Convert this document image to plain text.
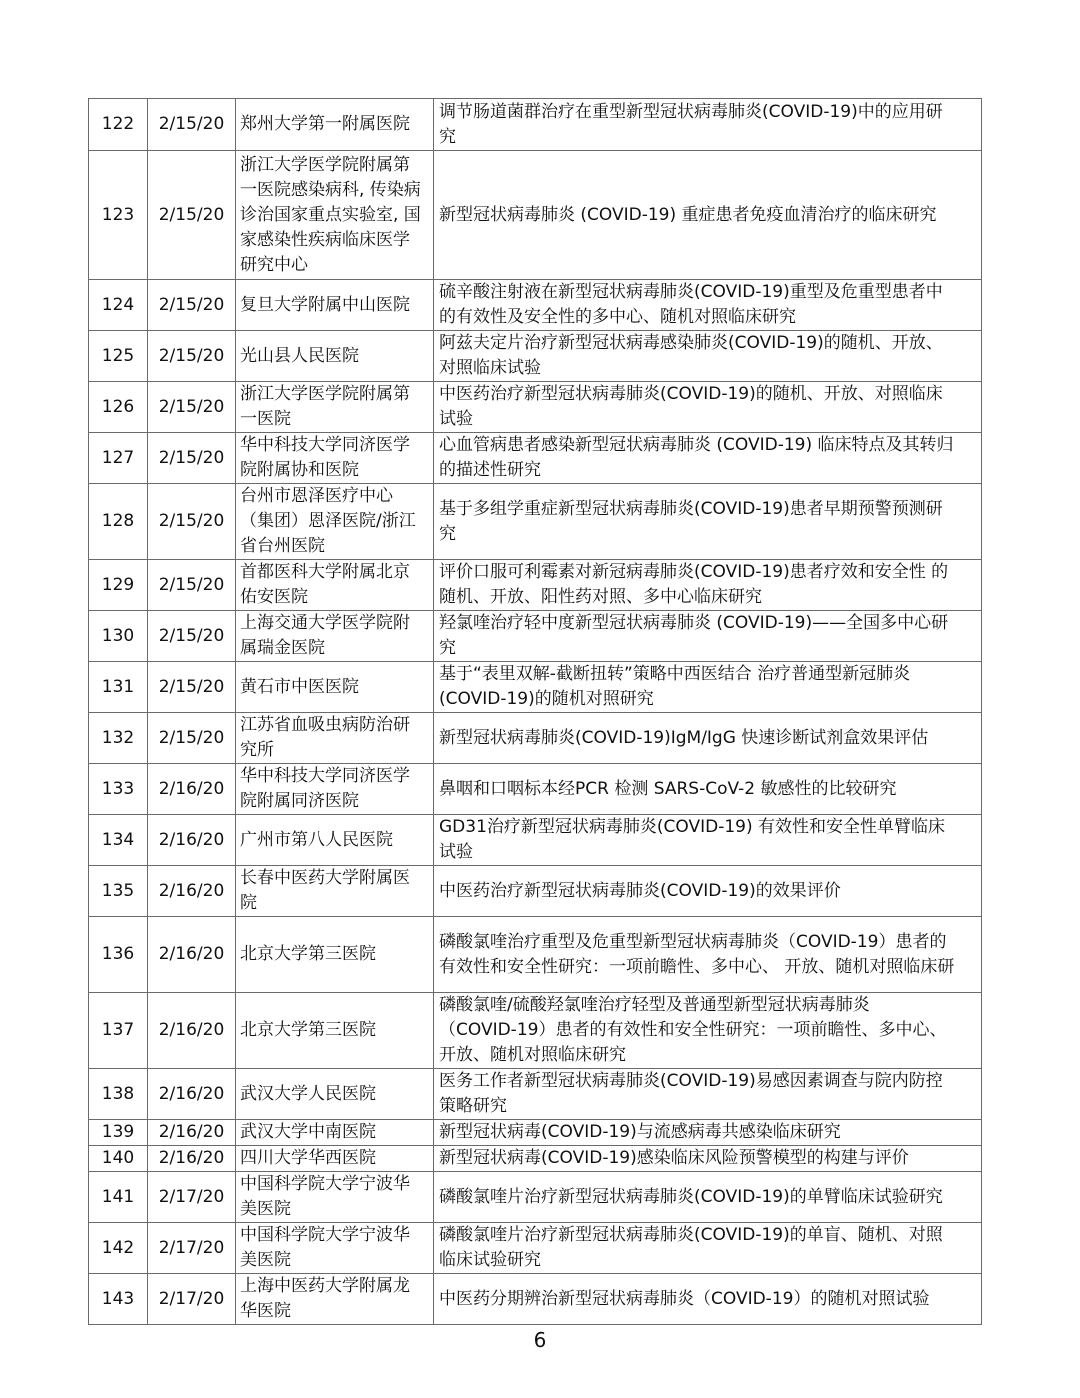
122	2/15/20	郑州大学第一附属医院	调节肠道菌群治疗在重型新型冠状病毒肺炎(COVID-19)中的应用研
究

123	2/15/20	浙江大学医学院附属第
一医院感染病科, 传染病
诊治国家重点实验室, 国
家感染性疾病临床医学
研究中心	新型冠状病毒肺炎 (COVID-19) 重症患者免疫血清治疗的临床研究

124	2/15/20	复旦大学附属中山医院	硫辛酸注射液在新型冠状病毒肺炎(COVID-19)重型及危重型患者中
的有效性及安全性的多中心、随机对照临床研究

125	2/15/20	光山县人民医院	阿兹夫定片治疗新型冠状病毒感染肺炎(COVID-19)的随机、开放、
对照临床试验

126	2/15/20	浙江大学医学院附属第
一医院	中医药治疗新型冠状病毒肺炎(COVID-19)的随机、开放、对照临床
试验

127	2/15/20	华中科技大学同济医学
院附属协和医院	心血管病患者感染新型冠状病毒肺炎 (COVID-19) 临床特点及其转归
的描述性研究

128	2/15/20	台州市恩泽医疗中心
（集团）恩泽医院/浙江
省台州医院	基于多组学重症新型冠状病毒肺炎(COVID-19)患者早期预警预测研
究

129	2/15/20	首都医科大学附属北京
佑安医院	评价口服可利霉素对新冠病毒肺炎(COVID-19)患者疗效和安全性 的
随机、开放、阳性药对照、多中心临床研究

130	2/15/20	上海交通大学医学院附
属瑞金医院	羟氯喹治疗轻中度新型冠状病毒肺炎 (COVID-19)——全国多中心研
究

131	2/15/20	黄石市中医医院	基于“表里双解-截断扭转”策略中西医结合 治疗普通型新冠肺炎
(COVID-19)的随机对照研究

132	2/15/20	江苏省血吸虫病防治研
究所	新型冠状病毒肺炎(COVID-19)IgM/IgG 快速诊断试剂盒效果评估

133	2/16/20	华中科技大学同济医学
院附属同济医院	鼻咽和口咽标本经PCR 检测 SARS-CoV-2 敏感性的比较研究

134	2/16/20	广州市第八人民医院	GD31治疗新型冠状病毒肺炎(COVID-19) 有效性和安全性单臂临床
试验

135	2/16/20	长春中医药大学附属医
院	中医药治疗新型冠状病毒肺炎(COVID-19)的效果评价

136	2/16/20	北京大学第三医院	磷酸氯喹治疗重型及危重型新型冠状病毒肺炎（COVID-19）患者的
有效性和安全性研究：一项前瞻性、多中心、 开放、随机对照临床研

137	2/16/20	北京大学第三医院	磷酸氯喹/硫酸羟氯喹治疗轻型及普通型新型冠状病毒肺炎
（COVID-19）患者的有效性和安全性研究：一项前瞻性、多中心、
开放、随机对照临床研究

138	2/16/20	武汉大学人民医院	医务工作者新型冠状病毒肺炎(COVID-19)易感因素调查与院内防控
策略研究

139	2/16/20	武汉大学中南医院	新型冠状病毒(COVID-19)与流感病毒共感染临床研究

140	2/16/20	四川大学华西医院	新型冠状病毒(COVID-19)感染临床风险预警模型的构建与评价

141	2/17/20	中国科学院大学宁波华
美医院	磷酸氯喹片治疗新型冠状病毒肺炎(COVID-19)的单臂临床试验研究

142	2/17/20	中国科学院大学宁波华
美医院	磷酸氯喹片治疗新型冠状病毒肺炎(COVID-19)的单盲、随机、对照
临床试验研究

143	2/17/20	上海中医药大学附属龙
华医院	中医药分期辨治新型冠状病毒肺炎（COVID-19）的随机对照试验
6
